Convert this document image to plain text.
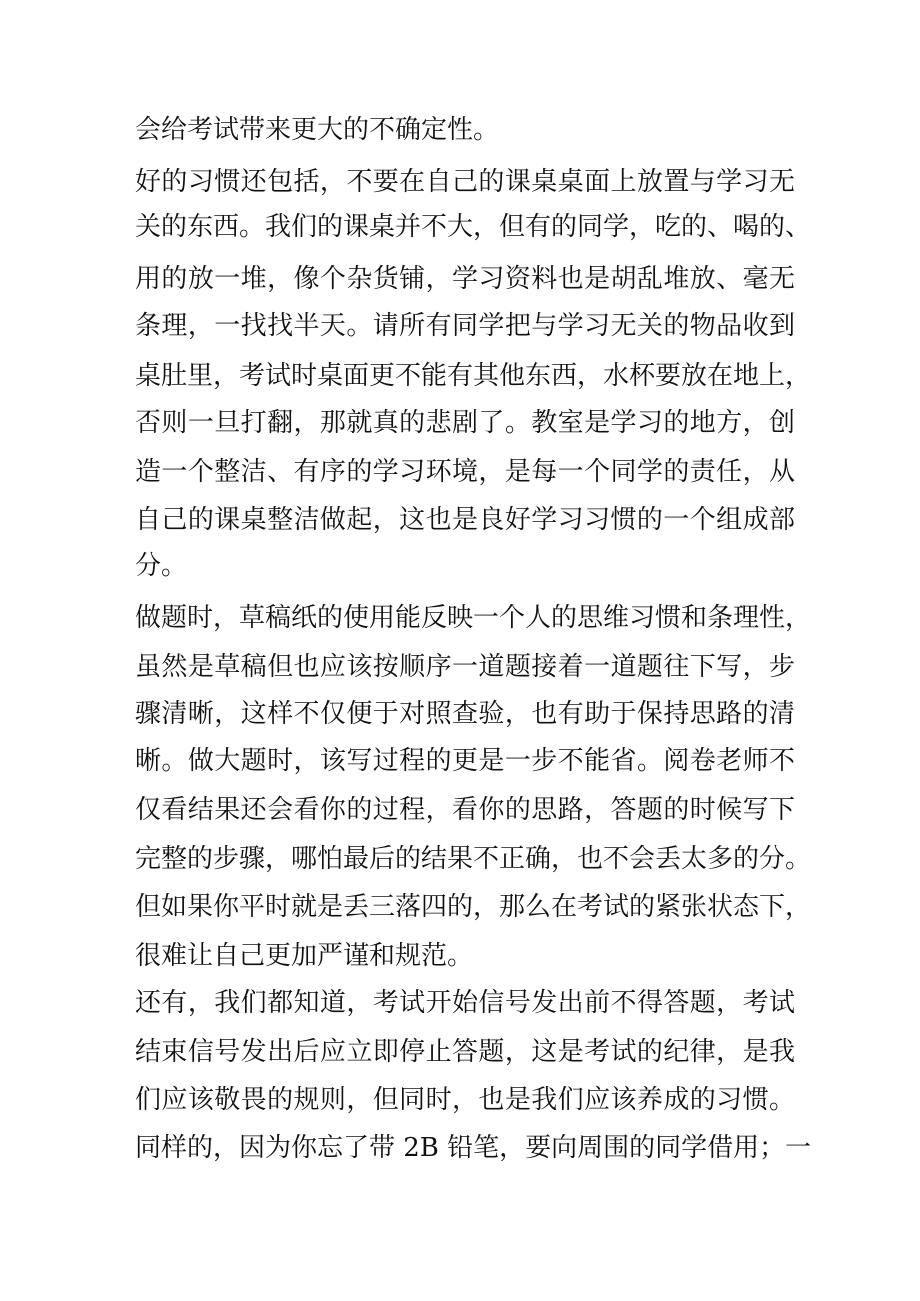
会给考试带来更大的不确定性。
好的习惯还包括，不要在自己的课桌桌面上放置与学习无
关的东西。我们的课桌并不大，但有的同学，吃的、喝的、
用的放一堆，像个杂货铺，学习资料也是胡乱堆放、毫无
条理，一找找半天。请所有同学把与学习无关的物品收到
桌肚里，考试时桌面更不能有其他东西，水杯要放在地上，
否则一旦打翻，那就真的悲剧了。教室是学习的地方，创
造一个整洁、有序的学习环境，是每一个同学的责任，从
自己的课桌整洁做起，这也是良好学习习惯的一个组成部
分。
做题时，草稿纸的使用能反映一个人的思维习惯和条理性，
虽然是草稿但也应该按顺序一道题接着一道题往下写，步
骤清晰，这样不仅便于对照查验，也有助于保持思路的清
晰。做大题时，该写过程的更是一步不能省。阅卷老师不
仅看结果还会看你的过程，看你的思路，答题的时候写下
完整的步骤，哪怕最后的结果不正确，也不会丢太多的分。
但如果你平时就是丢三落四的，那么在考试的紧张状态下，
很难让自己更加严谨和规范。
还有，我们都知道，考试开始信号发出前不得答题，考试
结束信号发出后应立即停止答题，这是考试的纪律，是我
们应该敬畏的规则，但同时，也是我们应该养成的习惯。
同样的，因为你忘了带 2B 铅笔，要向周围的同学借用；一
